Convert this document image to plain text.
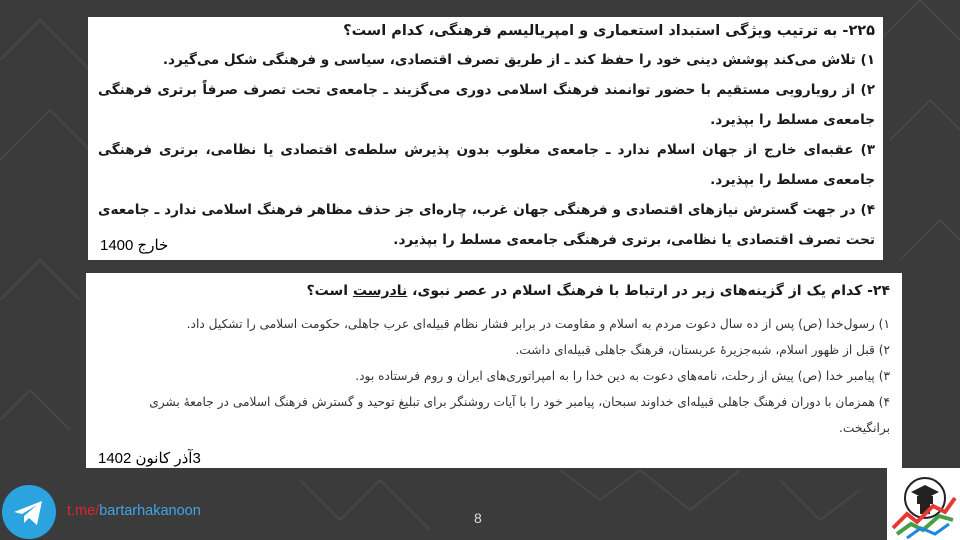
۲۲۵- به ترتیب ویژگی استبداد استعماری و امپریالیسم فرهنگی، کدام است؟

۱) تلاش می‌کند پوشش دینی خود را حفظ کند ـ از طریق تصرف اقتصادی، سیاسی و فرهنگی شکل می‌گیرد.

۲) از رویارویی مستقیم با حضور توانمند فرهنگ اسلامی دوری می‌گزیند ـ جامعه‌ی تحت تصرف صرفاً برتری فرهنگی جامعه‌ی مسلط را بپذیرد.

۳) عقبه‌ای خارج از جهان اسلام ندارد ـ جامعه‌ی مغلوب بدون پذیرش سلطه‌ی اقتصادی یا نظامی، برتری فرهنگی جامعه‌ی مسلط را بپذیرد.

۴) در جهت گسترش نیازهای اقتصادی و فرهنگی جهان غرب، چاره‌ای جز حذف مظاهر فرهنگ اسلامی ندارد ـ جامعه‌ی تحت تصرف اقتصادی یا نظامی، برتری فرهنگی جامعه‌ی مسلط را بپذیرد.

خارج 1400
۲۴- کدام یک از گزینه‌های زیر در ارتباط با فرهنگ اسلام در عصر نبوی، نادرست است؟

۱) رسول‌خدا (ص) پس از ده سال دعوت مردم به اسلام و مقاومت در برابر فشار نظام قبیله‌ای عرب جاهلی، حکومت اسلامی را تشکیل داد.

۲) قبل از ظهور اسلام، شبه‌جزیرهٔ عربستان، فرهنگ جاهلی قبیله‌ای داشت.

۳) پیامبر خدا (ص) پیش از رحلت، نامه‌های دعوت به دین خدا را به امپراتوری‌های ایران و روم فرستاده بود.

۴) همزمان با دوران فرهنگ جاهلی قبیله‌ای خداوند سبحان، پیامبر خود را با آیات روشنگر برای تبلیغ توحید و گسترش فرهنگ اسلامی در جامعهٔ بشری برانگیخت.

3آذر کانون 1402
t.me/bartarhakanoon	8
